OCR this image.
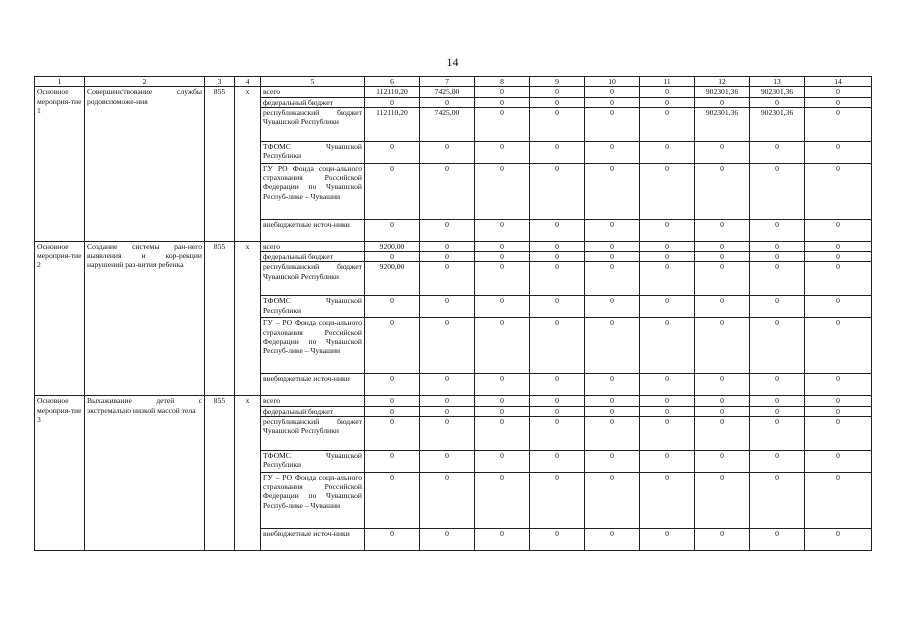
14
1	2	3	4	5	6	7	8	9	10	11	12	13	14
Основное мероприя-тие 1	Совершенствование службы родовспоможе-ния	855	x	всего	112110,20	7425,00	0	0	0	0	902301,36	902301,36	0
				федеральный бюджет	0	0	0	0	0	0	0	0	0
				республиканский бюджет Чувашской Республики	112110,20	7425,00	0	0	0	0	902301,36	902301,36	0
				ТФОМС Чувашской Республики	0	0	0	0	0	0	0	0	0
				ГУ РО Фонда соци-ального страхования Российской Федерации по Чувашской Респуб-лике – Чувашии	0	0	0	0	0	0	0	0	0
				внебюджетные источ-ники	0	0	0	0	0	0	0	0	0
Основное мероприя-тие 2	Создание системы ран-него выявления и кор-рекции нарушений раз-вития ребенка	855	x	всего	9200,00	0	0	0	0	0	0	0	0
				федеральный бюджет	0	0	0	0	0	0	0	0	0
				республиканский бюджет Чувашской Республики	9200,00	0	0	0	0	0	0	0	0
				ТФОМС Чувашской Республики	0	0	0	0	0	0	0	0	0
				ГУ – РО Фонда соци-ального страхования Российской Федерации по Чувашской Респуб-лике – Чувашии	0	0	0	0	0	0	0	0	0
				внебюджетные источ-ники	0	0	0	0	0	0	0	0	0
Основное мероприя-тие 3	Выхаживание детей с экстремально низкой массой тела	855	x	всего	0	0	0	0	0	0	0	0	0
				федеральный бюджет	0	0	0	0	0	0	0	0	0
				республиканский бюджет Чувашской Республики	0	0	0	0	0	0	0	0	0
				ТФОМС Чувашской Республики	0	0	0	0	0	0	0	0	0
				ГУ – РО Фонда соци-ального страхования Российской Федерации по Чувашской Респуб-лике – Чувашии	0	0	0	0	0	0	0	0	0
				внебюджетные источ-ники	0	0	0	0	0	0	0	0	0
